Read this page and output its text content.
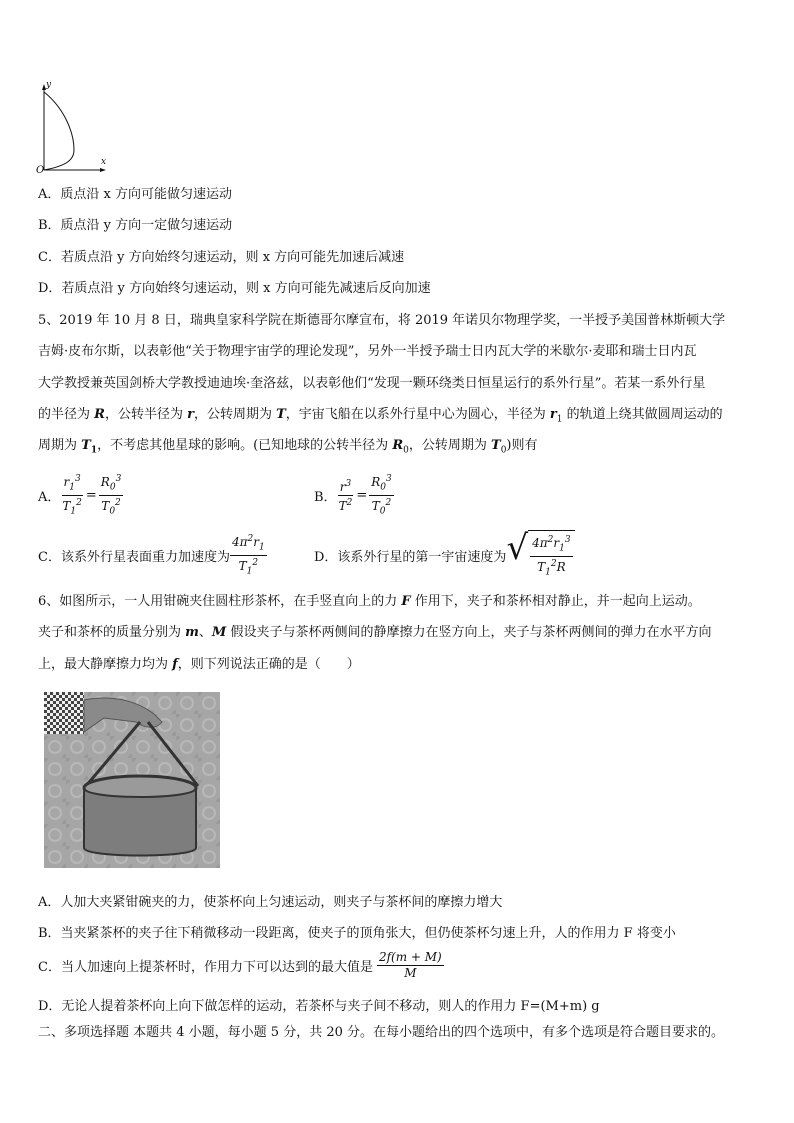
y
x
O
A．质点沿 x 方向可能做匀速运动
B．质点沿 y 方向一定做匀速运动
C．若质点沿 y 方向始终匀速运动，则 x 方向可能先加速后减速
D．若质点沿 y 方向始终匀速运动，则 x 方向可能先减速后反向加速
5、2019 年 10 月 8 日，瑞典皇家科学院在斯德哥尔摩宣布，将 2019 年诺贝尔物理学奖，一半授予美国普林斯顿大学
吉姆·皮布尔斯，以表彰他“关于物理宇宙学的理论发现”，另外一半授予瑞士日内瓦大学的米歇尔·麦耶和瑞士日内瓦
大学教授兼英国剑桥大学教授迪迪埃·奎洛兹，以表彰他们“发现一颗环绕类日恒星运行的系外行星”。若某一系外行星
的半径为 R，公转半径为 r，公转周期为 T，宇宙飞船在以系外行星中心为圆心，半径为 $r_1$ 的轨道上绕其做圆周运动的
周期为 $T_1$，不考虑其他星球的影响。(已知地球的公转半径为 $R_0$，公转周期为 $T_0$)则有
A． $\frac{r_1^3}{T_1^2} = \frac{R_0^3}{T_0^2}$	B． $\frac{r^3}{T^2} = \frac{R_0^3}{T_0^2}$
C．该系外行星表面重力加速度为 $\frac{4\pi^2r_1}{T_1^2}$	D．该系外行星的第一宇宙速度为 √ $\frac{4\pi^2r_1^3}{T_1^2R}$
6、如图所示，一人用钳碗夹住圆柱形茶杯，在手竖直向上的力 F 作用下，夹子和茶杯相对静止，并一起向上运动。
夹子和茶杯的质量分别为 m、M 假设夹子与茶杯两侧间的静摩擦力在竖方向上，夹子与茶杯两侧间的弹力在水平方向
上，最大静摩擦力均为 f，则下列说法正确的是（　　）
A．人加大夹紧钳碗夹的力，使茶杯向上匀速运动，则夹子与茶杯间的摩擦力增大
B．当夹紧茶杯的夹子往下稍微移动一段距离，使夹子的顶角张大，但仍使茶杯匀速上升，人的作用力 F 将变小
C．当人加速向上提茶杯时，作用力下可以达到的最大值是 $\frac{2f(m + M)}{M}$
D．无论人提着茶杯向上向下做怎样的运动，若茶杯与夹子间不移动，则人的作用力 F=(M+m) g
二、多项选择题 本题共 4 小题，每小题 5 分，共 20 分。在每小题给出的四个选项中，有多个选项是符合题目要求的。
